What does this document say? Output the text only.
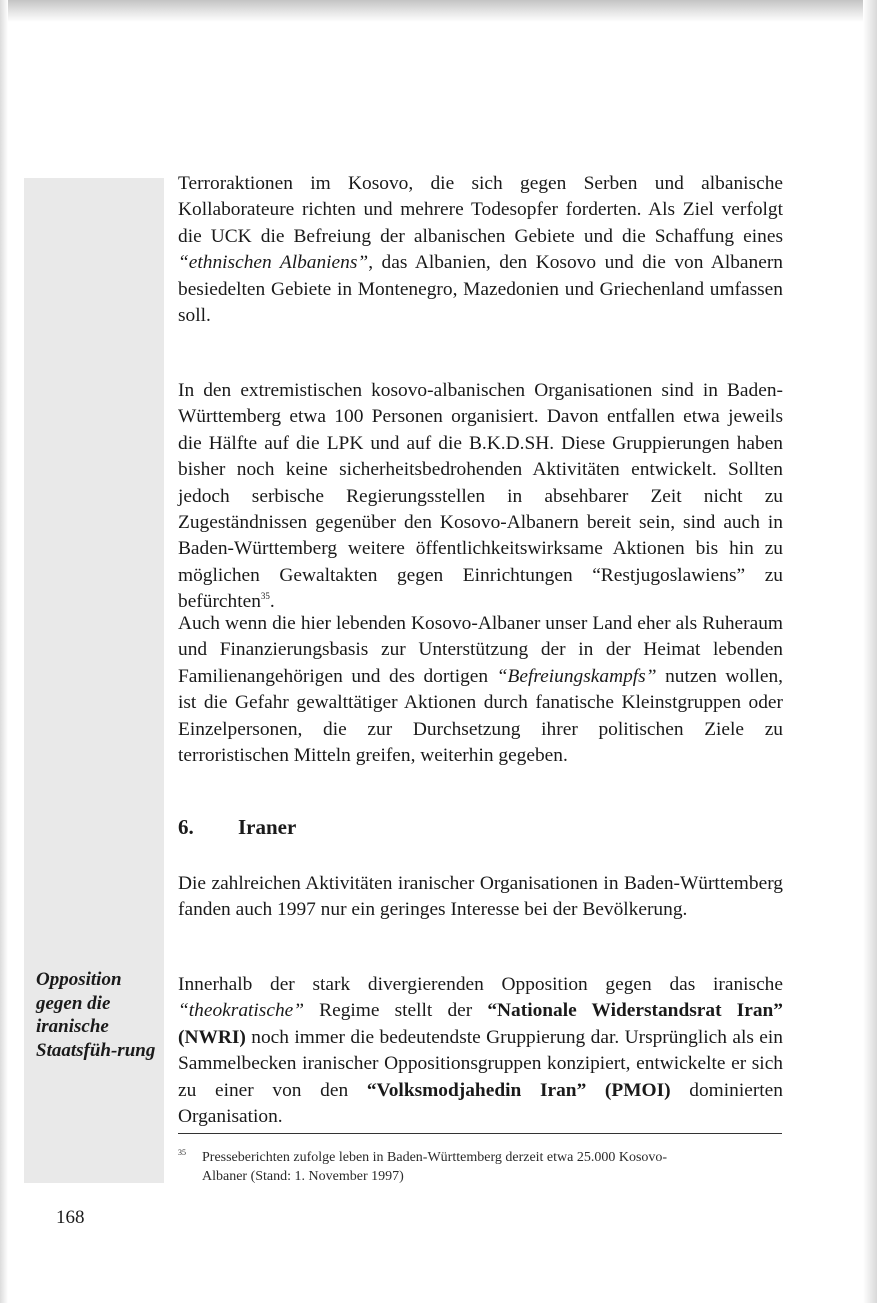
Terroraktionen im Kosovo, die sich gegen Serben und albanische Kollaborateure richten und mehrere Todesopfer forderten. Als Ziel verfolgt die UCK die Befreiung der albanischen Gebiete und die Schaffung eines “ethnischen Albaniens”, das Albanien, den Kosovo und die von Albanern besiedelten Gebiete in Montenegro, Mazedonien und Griechenland umfassen soll.

In den extremistischen kosovo-albanischen Organisationen sind in Baden-Württemberg etwa 100 Personen organisiert. Davon entfallen etwa jeweils die Hälfte auf die LPK und auf die B.K.D.SH. Diese Gruppierungen haben bisher noch keine sicherheitsbedrohenden Aktivitäten entwickelt. Sollten jedoch serbische Regierungsstellen in absehbarer Zeit nicht zu Zugeständnissen gegenüber den Kosovo-Albanern bereit sein, sind auch in Baden-Württemberg weitere öffentlichkeitswirksame Aktionen bis hin zu möglichen Gewaltakten gegen Einrichtungen “Restjugoslawiens” zu befürchten$^{35}$.

Auch wenn die hier lebenden Kosovo-Albaner unser Land eher als Ruheraum und Finanzierungsbasis zur Unterstützung der in der Heimat lebenden Familienangehörigen und des dortigen “Befreiungskampfs” nutzen wollen, ist die Gefahr gewalttätiger Aktionen durch fanatische Kleinstgruppen oder Einzelpersonen, die zur Durchsetzung ihrer politischen Ziele zu terroristischen Mitteln greifen, weiterhin gegeben.

6. Iraner

Die zahlreichen Aktivitäten iranischer Organisationen in Baden-Württemberg fanden auch 1997 nur ein geringes Interesse bei der Bevölkerung.

Innerhalb der stark divergierenden Opposition gegen das iranische “theokratische” Regime stellt der “Nationale Widerstandsrat Iran” (NWRI) noch immer die bedeutendste Gruppierung dar. Ursprünglich als ein Sammelbecken iranischer Oppositionsgruppen konzipiert, entwickelte er sich zu einer von den “Volksmodjahedin Iran” (PMOI) dominierten Organisation.

Opposition gegen die iranische Staatsfüh-rung
35 Presseberichten zufolge leben in Baden-Württemberg derzeit etwa 25.000 Kosovo-
Albaner (Stand: 1. November 1997)
168
